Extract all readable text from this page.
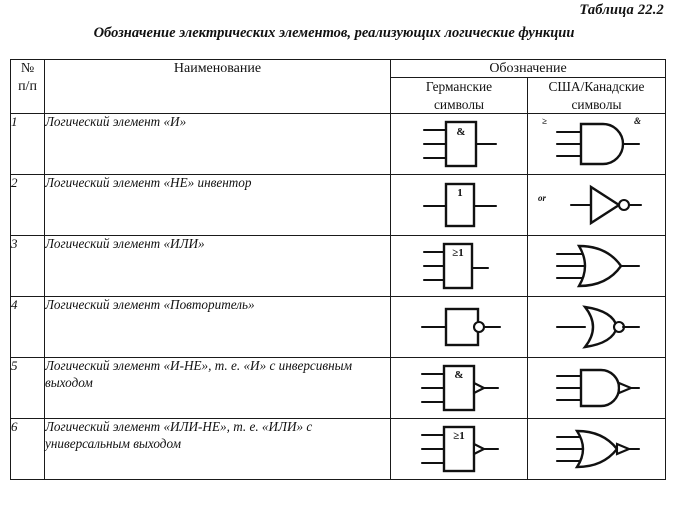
Таблица 22.2
Обозначение электрических элементов, реализующих логические функции
№
п/п	Наименование	Обозначение	

Германские
символы

США/Канадские
символы

1	Логический элемент «И»	&	≥ &

2	Логический элемент «НЕ» инвентор	1	or

3	Логический элемент «ИЛИ»	≥1

4	Логический элемент «Повторитель»	

5	Логический элемент «И-НЕ», т. е. «И» с инверсивным выходом	&

6	Логический элемент «ИЛИ-НЕ», т. е. «ИЛИ» с универсальным выходом	≥1
